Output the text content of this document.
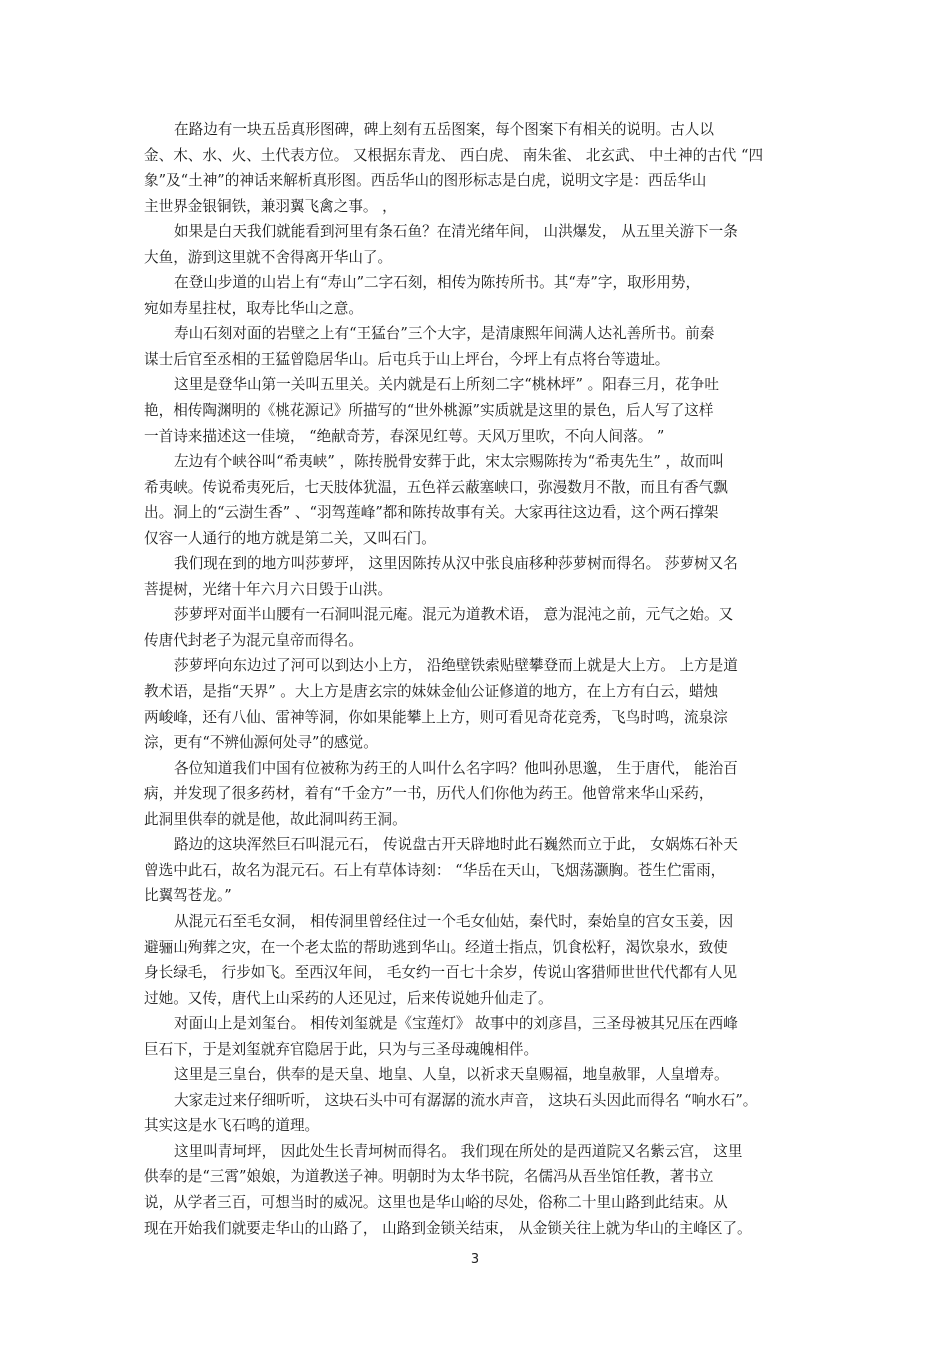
在路边有一块五岳真形图碑，碑上刻有五岳图案，每个图案下有相关的说明。古人以
金、木、水、火、土代表方位。 又根据东青龙、 西白虎、 南朱雀、 北玄武、 中土神的古代 “四
象”及“土神”的神话来解析真形图。西岳华山的图形标志是白虎，说明文字是：西岳华山
主世界金银铜铁，兼羽翼飞禽之事。 ，
如果是白天我们就能看到河里有条石鱼？在清光绪年间， 山洪爆发， 从五里关游下一条
大鱼，游到这里就不舍得离开华山了。
在登山步道的山岩上有“寿山”二字石刻，相传为陈抟所书。其“寿”字，取形用势，
宛如寿星拄杖，取寿比华山之意。
寿山石刻对面的岩壁之上有“王猛台”三个大字，是清康熙年间满人达礼善所书。前秦
谋士后官至丞相的王猛曾隐居华山。后屯兵于山上坪台，今坪上有点将台等遗址。
这里是登华山第一关叫五里关。关内就是石上所刻二字“桃林坪” 。阳春三月，花争吐
艳，相传陶渊明的《桃花源记》所描写的“世外桃源”实质就是这里的景色，后人写了这样
一首诗来描述这一佳境， “绝献奇芳，春深见红萼。天风万里吹，不向人间落。 ”
左边有个峡谷叫“希夷峡” ，陈抟脱骨安葬于此，宋太宗赐陈抟为“希夷先生” ，故而叫
希夷峡。传说希夷死后，七天肢体犹温，五色祥云蔽塞峡口，弥漫数月不散，而且有香气飘
出。洞上的“云澍生香” 、“羽驾莲峰”都和陈抟故事有关。大家再往这边看，这个两石撑架
仅容一人通行的地方就是第二关，又叫石门。
我们现在到的地方叫莎萝坪， 这里因陈抟从汉中张良庙移种莎萝树而得名。 莎萝树又名
菩提树，光绪十年六月六日毁于山洪。
莎萝坪对面半山腰有一石洞叫混元庵。混元为道教术语， 意为混沌之前，元气之始。又
传唐代封老子为混元皇帝而得名。
莎萝坪向东边过了河可以到达小上方， 沿绝壁铁索贴壁攀登而上就是大上方。 上方是道
教术语，是指“天界” 。大上方是唐玄宗的妹妹金仙公证修道的地方，在上方有白云，蜡烛
两峻峰，还有八仙、雷神等洞，你如果能攀上上方，则可看见奇花竞秀，飞鸟时鸣，流泉淙
淙，更有“不辨仙源何处寻”的感觉。
各位知道我们中国有位被称为药王的人叫什么名字吗？他叫孙思邈， 生于唐代， 能治百
病，并发现了很多药材，着有“千金方”一书，历代人们你他为药王。他曾常来华山采药，
此洞里供奉的就是他，故此洞叫药王洞。
路边的这块浑然巨石叫混元石， 传说盘古开天辟地时此石巍然而立于此， 女娲炼石补天
曾选中此石，故名为混元石。石上有草体诗刻： “华岳在天山，飞烟荡灏胸。苍生伫雷雨，
比翼驾苍龙。”
从混元石至毛女洞， 相传洞里曾经住过一个毛女仙姑，秦代时，秦始皇的宫女玉姜，因
避骊山殉葬之灾，在一个老太监的帮助逃到华山。经道士指点，饥食松籽，渴饮泉水，致使
身长绿毛， 行步如飞。至西汉年间， 毛女约一百七十余岁，传说山客猎师世世代代都有人见
过她。又传，唐代上山采药的人还见过，后来传说她升仙走了。
对面山上是刘玺台。 相传刘玺就是《宝莲灯》 故事中的刘彦昌，三圣母被其兄压在西峰
巨石下，于是刘玺就弃官隐居于此，只为与三圣母魂魄相伴。
这里是三皇台，供奉的是天皇、地皇、人皇，以祈求天皇赐福，地皇赦罪，人皇增寿。
大家走过来仔细听听， 这块石头中可有潺潺的流水声音， 这块石头因此而得名 “响水石”。
其实这是水飞石鸣的道理。
这里叫青坷坪， 因此处生长青坷树而得名。 我们现在所处的是西道院又名紫云宫， 这里
供奉的是“三霄”娘娘，为道教送子神。明朝时为太华书院，名儒冯从吾坐馆任教，著书立
说，从学者三百，可想当时的威况。这里也是华山峪的尽处，俗称二十里山路到此结束。从
现在开始我们就要走华山的山路了， 山路到金锁关结束， 从金锁关往上就为华山的主峰区了。
3
